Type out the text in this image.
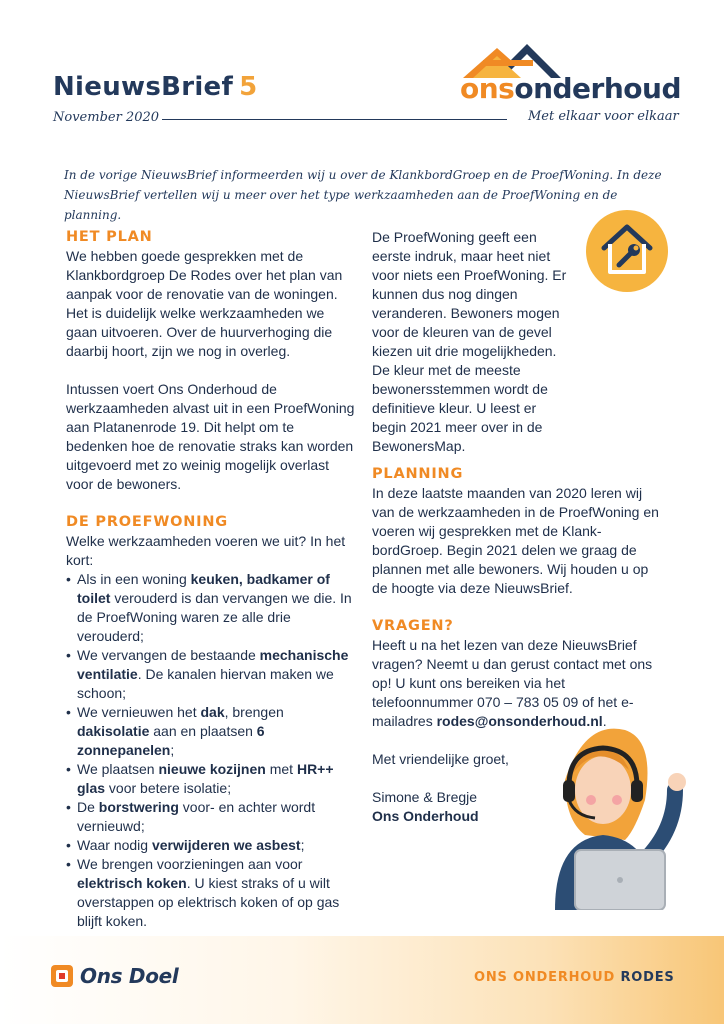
NieuwsBrief 5
November 2020
onsonderhoud
Met elkaar voor elkaar
In de vorige NieuwsBrief informeerden wij u over de KlankbordGroep en de ProefWoning. In deze NieuwsBrief vertellen wij u meer over het type werkzaamheden aan de ProefWoning en de planning.
HET PLAN
We hebben goede gesprekken met de Klankbordgroep De Rodes over het plan van aanpak voor de renovatie van de woningen. Het is duidelijk welke werkzaamheden we gaan uitvoeren. Over de huurverhoging die daarbij hoort, zijn we nog in overleg.
Intussen voert Ons Onderhoud de werkzaamheden alvast uit in een ProefWoning aan Platanenrode 19. Dit helpt om te bedenken hoe de renovatie straks kan worden uitgevoerd met zo weinig mogelijk overlast voor de bewoners.
DE PROEFWONING
Welke werkzaamheden voeren we uit? In het kort:
• Als in een woning keuken, badkamer of toilet verouderd is dan vervangen we die. In de ProefWoning waren ze alle drie verouderd;
• We vervangen de bestaande mechanische ventilatie. De kanalen hiervan maken we schoon;
• We vernieuwen het dak, brengen dakisolatie aan en plaatsen 6 zonnepanelen;
• We plaatsen nieuwe kozijnen met HR++ glas voor betere isolatie;
• De borstwering voor- en achter wordt vernieuwd;
• Waar nodig verwijderen we asbest;
• We brengen voorzieningen aan voor elektrisch koken. U kiest straks of u wilt overstappen op elektrisch koken of op gas blijft koken.
De ProefWoning geeft een eerste indruk, maar heet niet voor niets een ProefWoning. Er kunnen dus nog dingen veranderen. Bewoners mogen voor de kleuren van de gevel kiezen uit drie mogelijkheden. De kleur met de meeste bewonersstemmen wordt de definitieve kleur. U leest er begin 2021 meer over in de BewonersMap.
PLANNING
In deze laatste maanden van 2020 leren wij van de werkzaamheden in de ProefWoning en voeren wij gesprekken met de Klank-bordGroep. Begin 2021 delen we graag de plannen met alle bewoners. Wij houden u op de hoogte via deze NieuwsBrief.
VRAGEN?
Heeft u na het lezen van deze NieuwsBrief vragen? Neemt u dan gerust contact met ons op! U kunt ons bereiken via het telefoonnummer 070 – 783 05 09 of het e-mailadres rodes@onsonderhoud.nl.
Met vriendelijke groet,
Simone & Bregje
Ons Onderhoud
Ons Doel	ONS ONDERHOUD RODES
